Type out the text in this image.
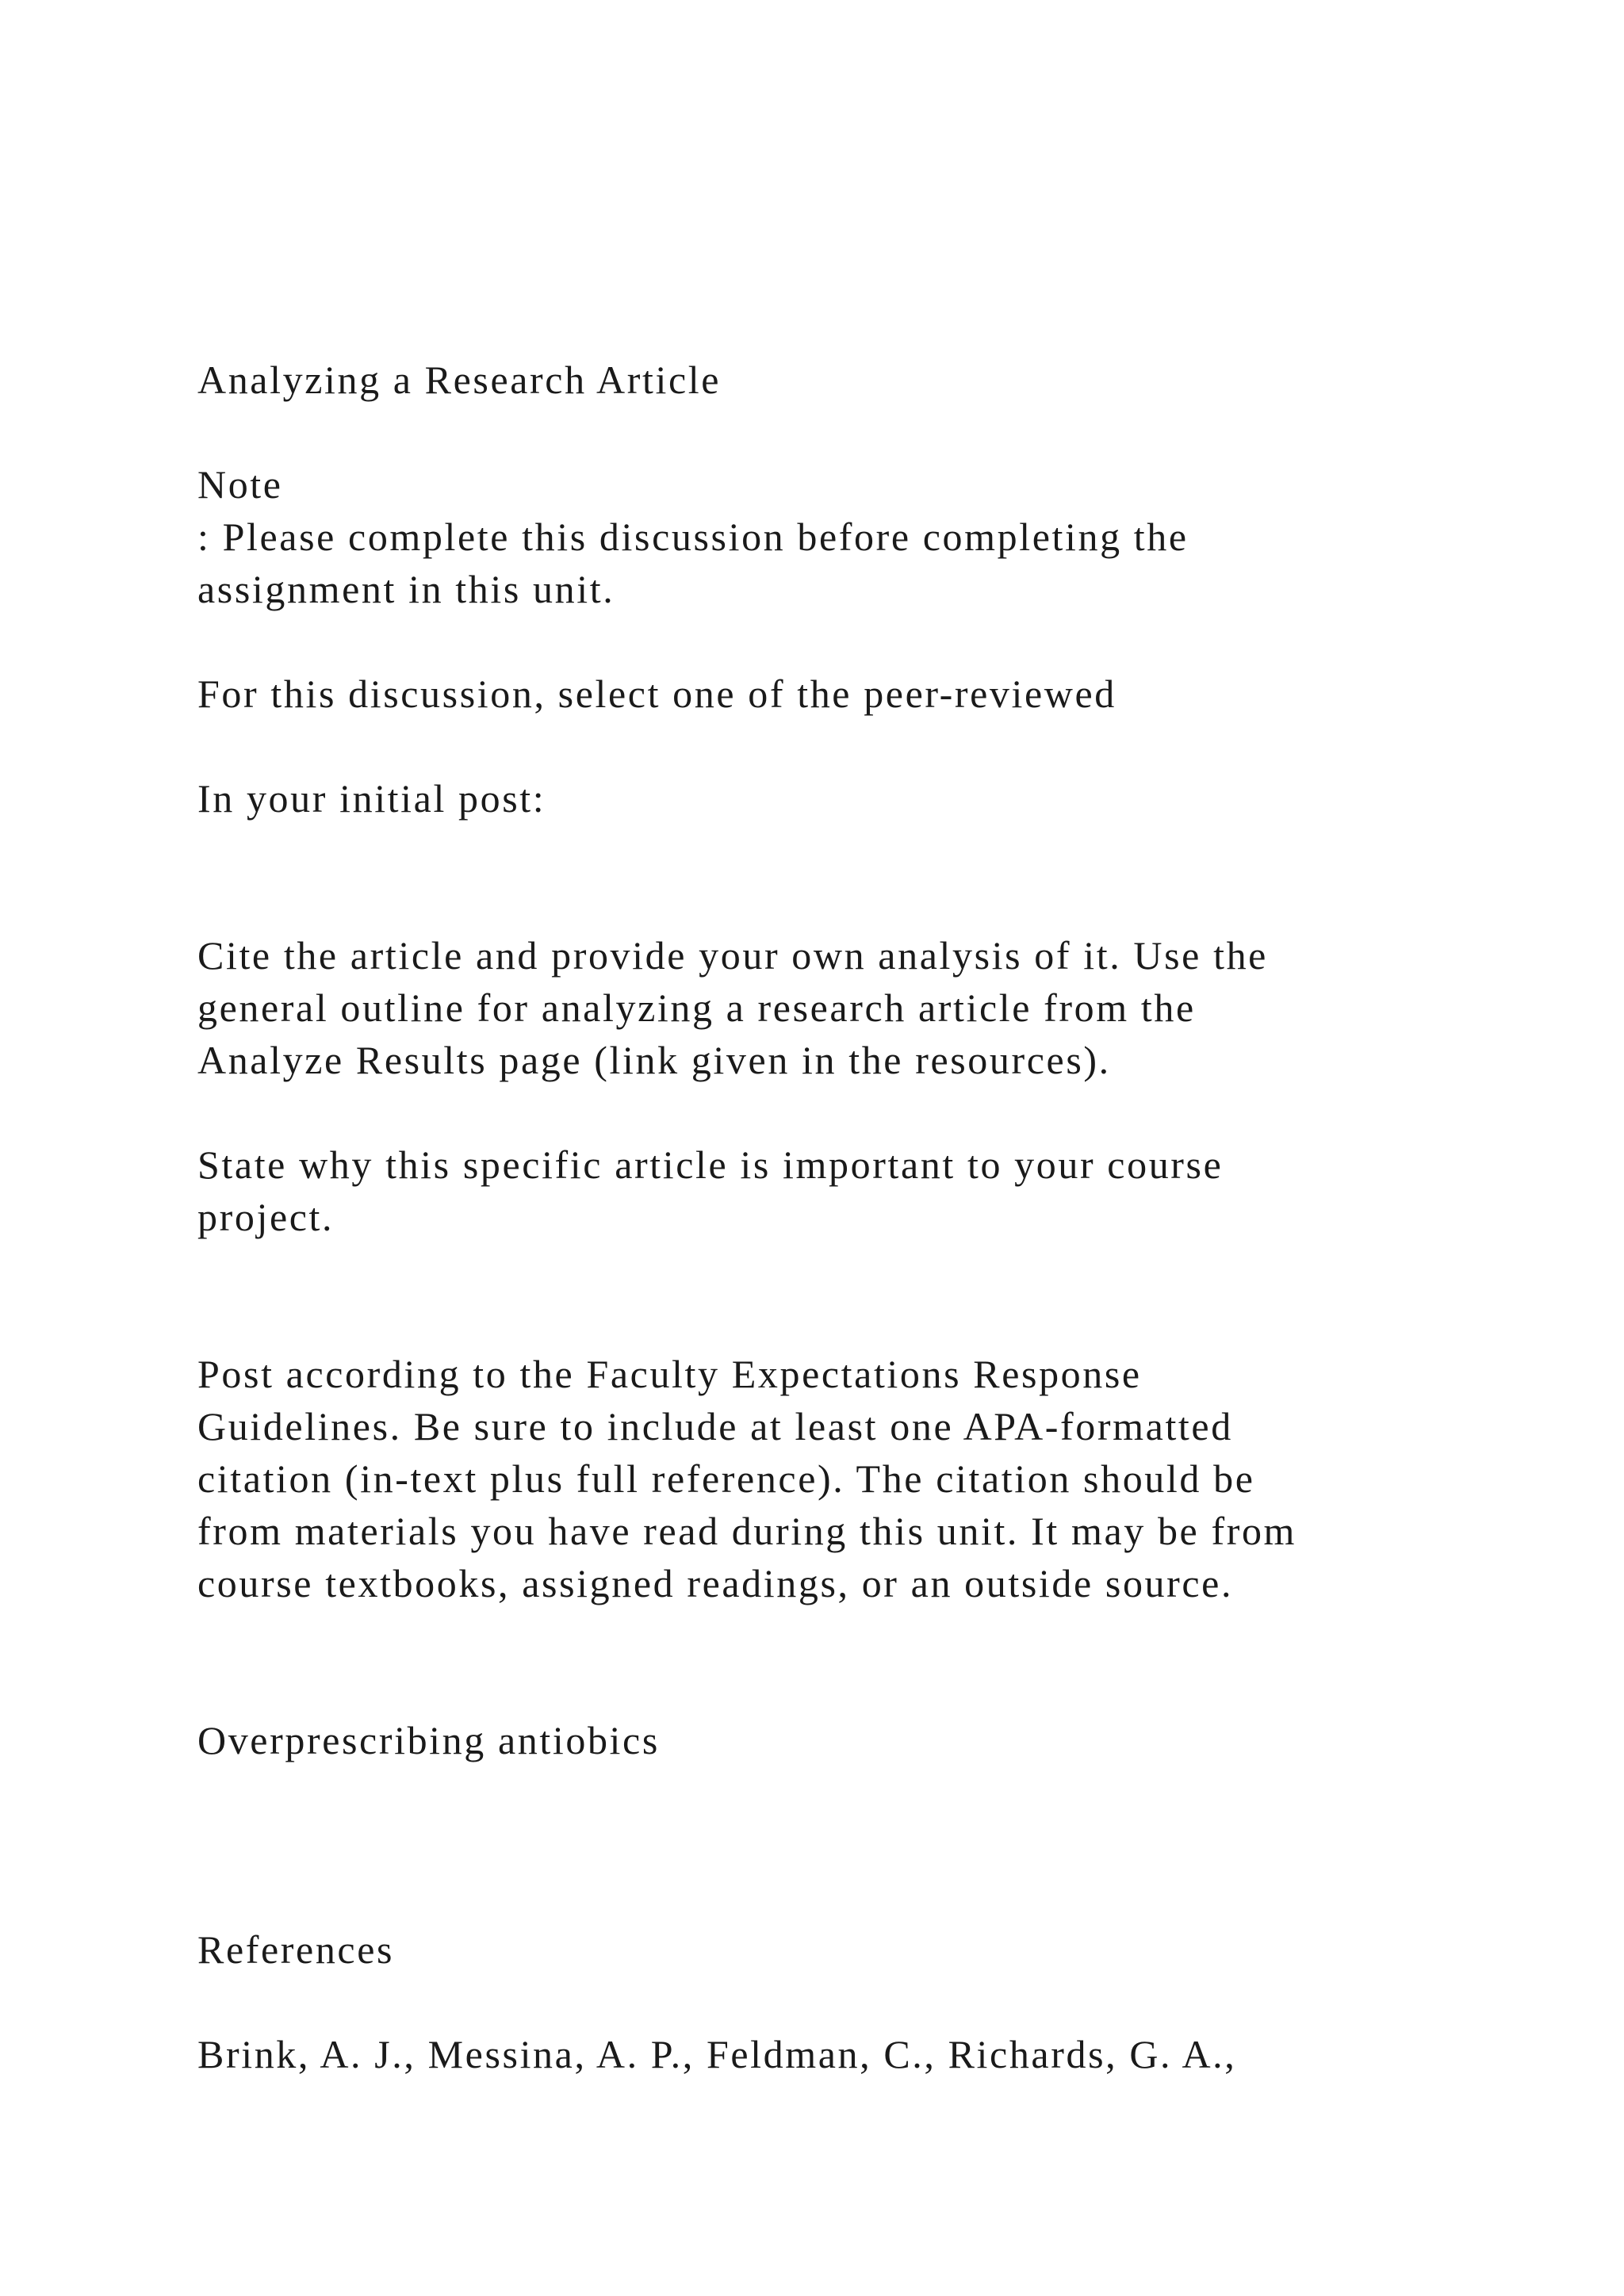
Analyzing a Research Article
Note
: Please complete this discussion before completing the
assignment in this unit.
For this discussion, select one of the peer-reviewed
In your initial post:
Cite the article and provide your own analysis of it. Use the
general outline for analyzing a research article from the
Analyze Results page (link given in the resources).
State why this specific article is important to your course
project.
Post according to the Faculty Expectations Response
Guidelines. Be sure to include at least one APA-formatted
citation (in-text plus full reference). The citation should be
from materials you have read during this unit. It may be from
course textbooks, assigned readings, or an outside source.
Overprescribing antiobics
References
Brink, A. J., Messina, A. P., Feldman, C., Richards, G. A.,
